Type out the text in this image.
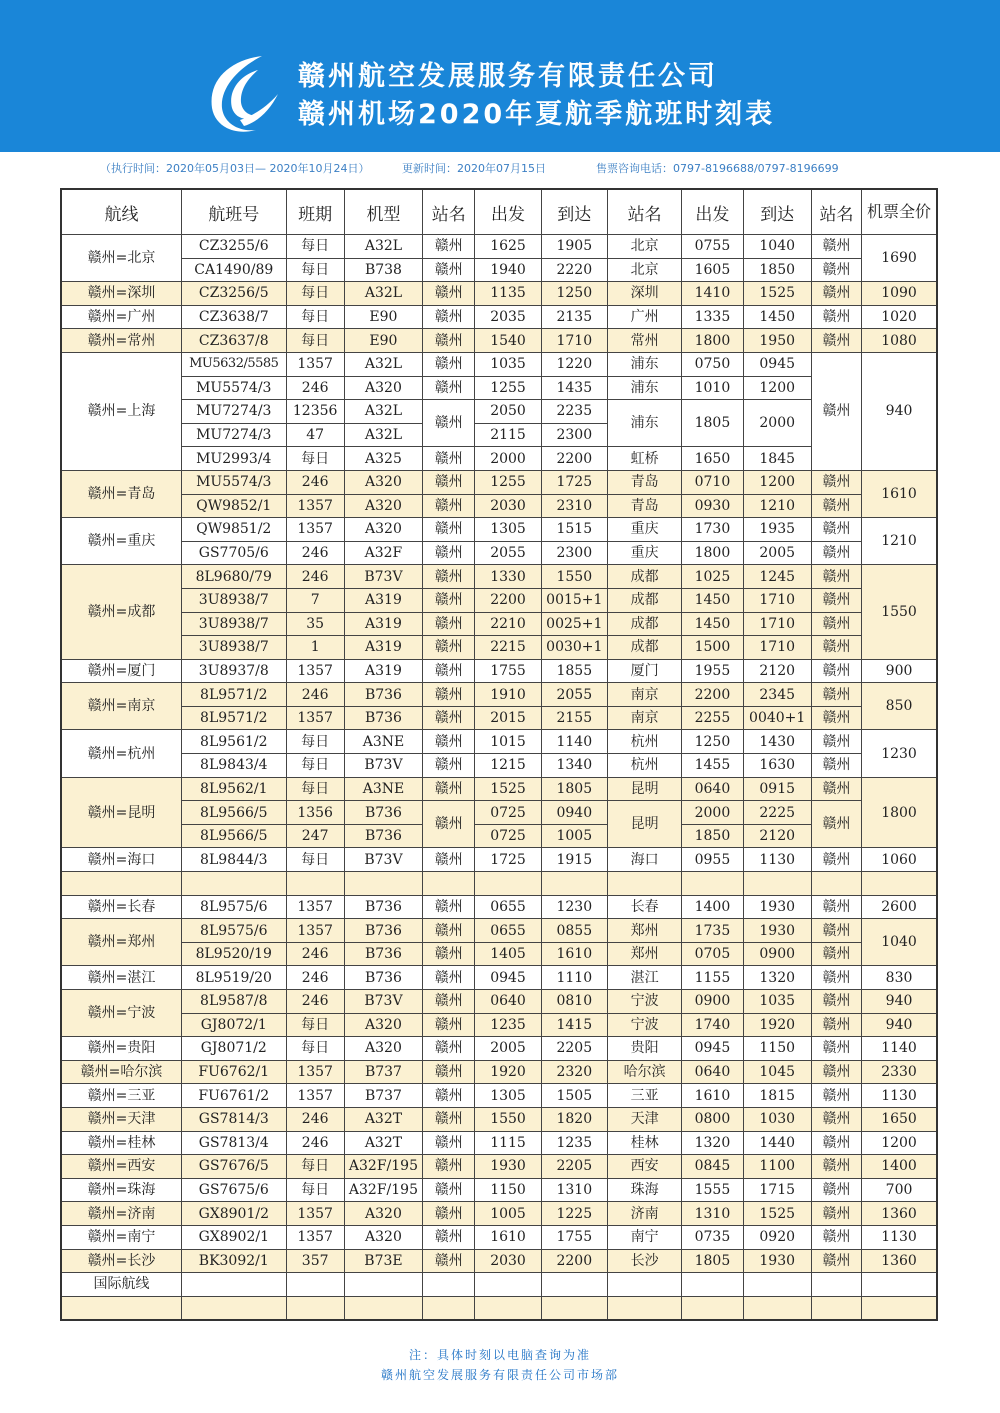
赣州航空发展服务有限责任公司
赣州机场2020年夏航季航班时刻表
（执行时间：2020年05月03日— 2020年10月24日）	更新时间：2020年07月15日	售票咨询电话：0797-8196688/0797-8196699
航线	航班号	班期	机型	站名	出发	到达	站名	出发	到达	站名	机票全价
赣州=北京	CZ3255/6	每日	A32L	赣州	1625	1905	北京	0755	1040	赣州	1690
	CA1490/89	每日	B738	赣州	1940	2220	北京	1605	1850	赣州	
赣州=深圳	CZ3256/5	每日	A32L	赣州	1135	1250	深圳	1410	1525	赣州	1090
赣州=广州	CZ3638/7	每日	E90	赣州	2035	2135	广州	1335	1450	赣州	1020
赣州=常州	CZ3637/8	每日	E90	赣州	1540	1710	常州	1800	1950	赣州	1080
赣州=上海	MU5632/5585	1357	A32L	赣州	1035	1220	浦东	0750	0945	赣州	940
	MU5574/3	246	A320	赣州	1255	1435	浦东	1010	1200		
	MU7274/3	12356	A32L	赣州	2050	2235	浦东	1805	2000		
	MU7274/3	47	A32L		2115	2300					
	MU2993/4	每日	A325	赣州	2000	2200	虹桥	1650	1845		
赣州=青岛	MU5574/3	246	A320	赣州	1255	1725	青岛	0710	1200	赣州	1610
	QW9852/1	1357	A320	赣州	2030	2310	青岛	0930	1210	赣州	
赣州=重庆	QW9851/2	1357	A320	赣州	1305	1515	重庆	1730	1935	赣州	1210
	GS7705/6	246	A32F	赣州	2055	2300	重庆	1800	2005	赣州	
赣州=成都	8L9680/79	246	B73V	赣州	1330	1550	成都	1025	1245	赣州	1550
	3U8938/7	7	A319	赣州	2200	0015+1	成都	1450	1710	赣州	
	3U8938/7	35	A319	赣州	2210	0025+1	成都	1450	1710	赣州	
	3U8938/7	1	A319	赣州	2215	0030+1	成都	1500	1710	赣州	
赣州=厦门	3U8937/8	1357	A319	赣州	1755	1855	厦门	1955	2120	赣州	900
赣州=南京	8L9571/2	246	B736	赣州	1910	2055	南京	2200	2345	赣州	850
	8L9571/2	1357	B736	赣州	2015	2155	南京	2255	0040+1	赣州	
赣州=杭州	8L9561/2	每日	A3NE	赣州	1015	1140	杭州	1250	1430	赣州	1230
	8L9843/4	每日	B73V	赣州	1215	1340	杭州	1455	1630	赣州	
赣州=昆明	8L9562/1	每日	A3NE	赣州	1525	1805	昆明	0640	0915	赣州	1800
	8L9566/5	1356	B736	赣州	0725	0940	昆明	2000	2225	赣州	
	8L9566/5	247	B736		0725	1005		1850	2120		
赣州=海口	8L9844/3	每日	B73V	赣州	1725	1915	海口	0955	1130	赣州	1060

赣州=长春	8L9575/6	1357	B736	赣州	0655	1230	长春	1400	1930	赣州	2600
赣州=郑州	8L9575/6	1357	B736	赣州	0655	0855	郑州	1735	1930	赣州	1040
	8L9520/19	246	B736	赣州	1405	1610	郑州	0705	0900	赣州	
赣州=湛江	8L9519/20	246	B736	赣州	0945	1110	湛江	1155	1320	赣州	830
赣州=宁波	8L9587/8	246	B73V	赣州	0640	0810	宁波	0900	1035	赣州	940
	GJ8072/1	每日	A320	赣州	1235	1415	宁波	1740	1920	赣州	940
赣州=贵阳	GJ8071/2	每日	A320	赣州	2005	2205	贵阳	0945	1150	赣州	1140
赣州=哈尔滨	FU6762/1	1357	B737	赣州	1920	2320	哈尔滨	0640	1045	赣州	2330
赣州=三亚	FU6761/2	1357	B737	赣州	1305	1505	三亚	1610	1815	赣州	1130
赣州=天津	GS7814/3	246	A32T	赣州	1550	1820	天津	0800	1030	赣州	1650
赣州=桂林	GS7813/4	246	A32T	赣州	1115	1235	桂林	1320	1440	赣州	1200
赣州=西安	GS7676/5	每日	A32F/195	赣州	1930	2205	西安	0845	1100	赣州	1400
赣州=珠海	GS7675/6	每日	A32F/195	赣州	1150	1310	珠海	1555	1715	赣州	700
赣州=济南	GX8901/2	1357	A320	赣州	1005	1225	济南	1310	1525	赣州	1360
赣州=南宁	GX8902/1	1357	A320	赣州	1610	1755	南宁	0735	0920	赣州	1130
赣州=长沙	BK3092/1	357	B73E	赣州	2030	2200	长沙	1805	1930	赣州	1360
国际航线											

注：具体时刻以电脑查询为准
赣州航空发展服务有限责任公司市场部
